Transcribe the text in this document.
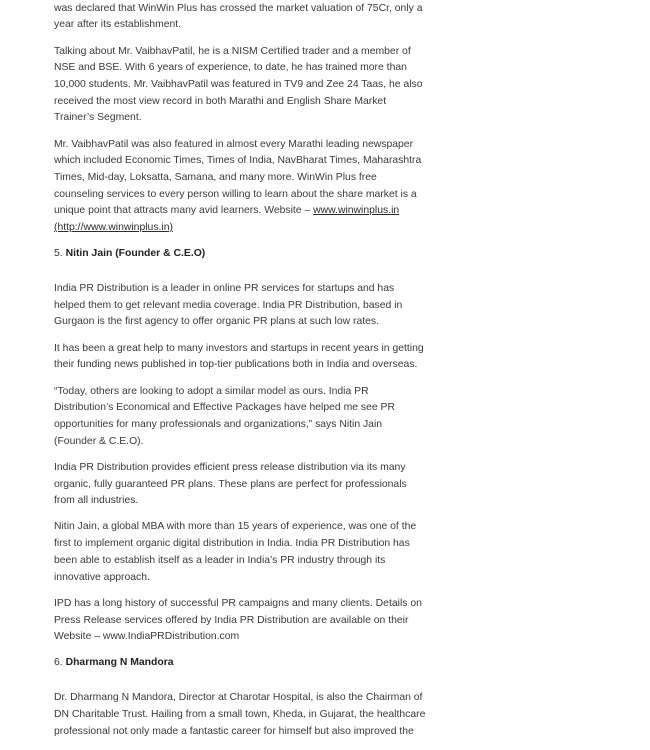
was declared that WinWin Plus has crossed the market valuation of 75Cr, only a year after its establishment.

Talking about Mr. VaibhavPatil, he is a NISM Certified trader and a member of NSE and BSE. With 6 years of experience, to date, he has trained more than 10,000 students. Mr. VaibhavPatil was featured in TV9 and Zee 24 Taas, he also received the most view record in both Marathi and English Share Market Trainer’s Segment.

Mr. VaibhavPatil was also featured in almost every Marathi leading newspaper which included Economic Times, Times of India, NavBharat Times, Maharashtra Times, Mid-day, Loksatta, Samana, and many more. WinWin Plus free counseling services to every person willing to learn about the share market is a unique point that attracts many avid learners. Website – www.winwinplus.in (http://www.winwinplus.in)

5. Nitin Jain (Founder & C.E.O)

India PR Distribution is a leader in online PR services for startups and has helped them to get relevant media coverage. India PR Distribution, based in Gurgaon is the first agency to offer organic PR plans at such low rates.

It has been a great help to many investors and startups in recent years in getting their funding news published in top-tier publications both in India and overseas.

“Today, others are looking to adopt a similar model as ours. India PR Distribution’s Economical and Effective Packages have helped me see PR opportunities for many professionals and organizations,” says Nitin Jain (Founder & C.E.O).

India PR Distribution provides efficient press release distribution via its many organic, fully guaranteed PR plans. These plans are perfect for professionals from all industries.

Nitin Jain, a global MBA with more than 15 years of experience, was one of the first to implement organic digital distribution in India. India PR Distribution has been able to establish itself as a leader in India’s PR industry through its innovative approach.

IPD has a long history of successful PR campaigns and many clients. Details on Press Release services offered by India PR Distribution are available on their Website – www.IndiaPRDistribution.com

6. Dharmang N Mandora

Dr. Dharmang N Mandora, Director at Charotar Hospital, is also the Chairman of DN Charitable Trust. Hailing from a small town, Kheda, in Gujarat, the healthcare professional not only made a fantastic career for himself but also improved the
